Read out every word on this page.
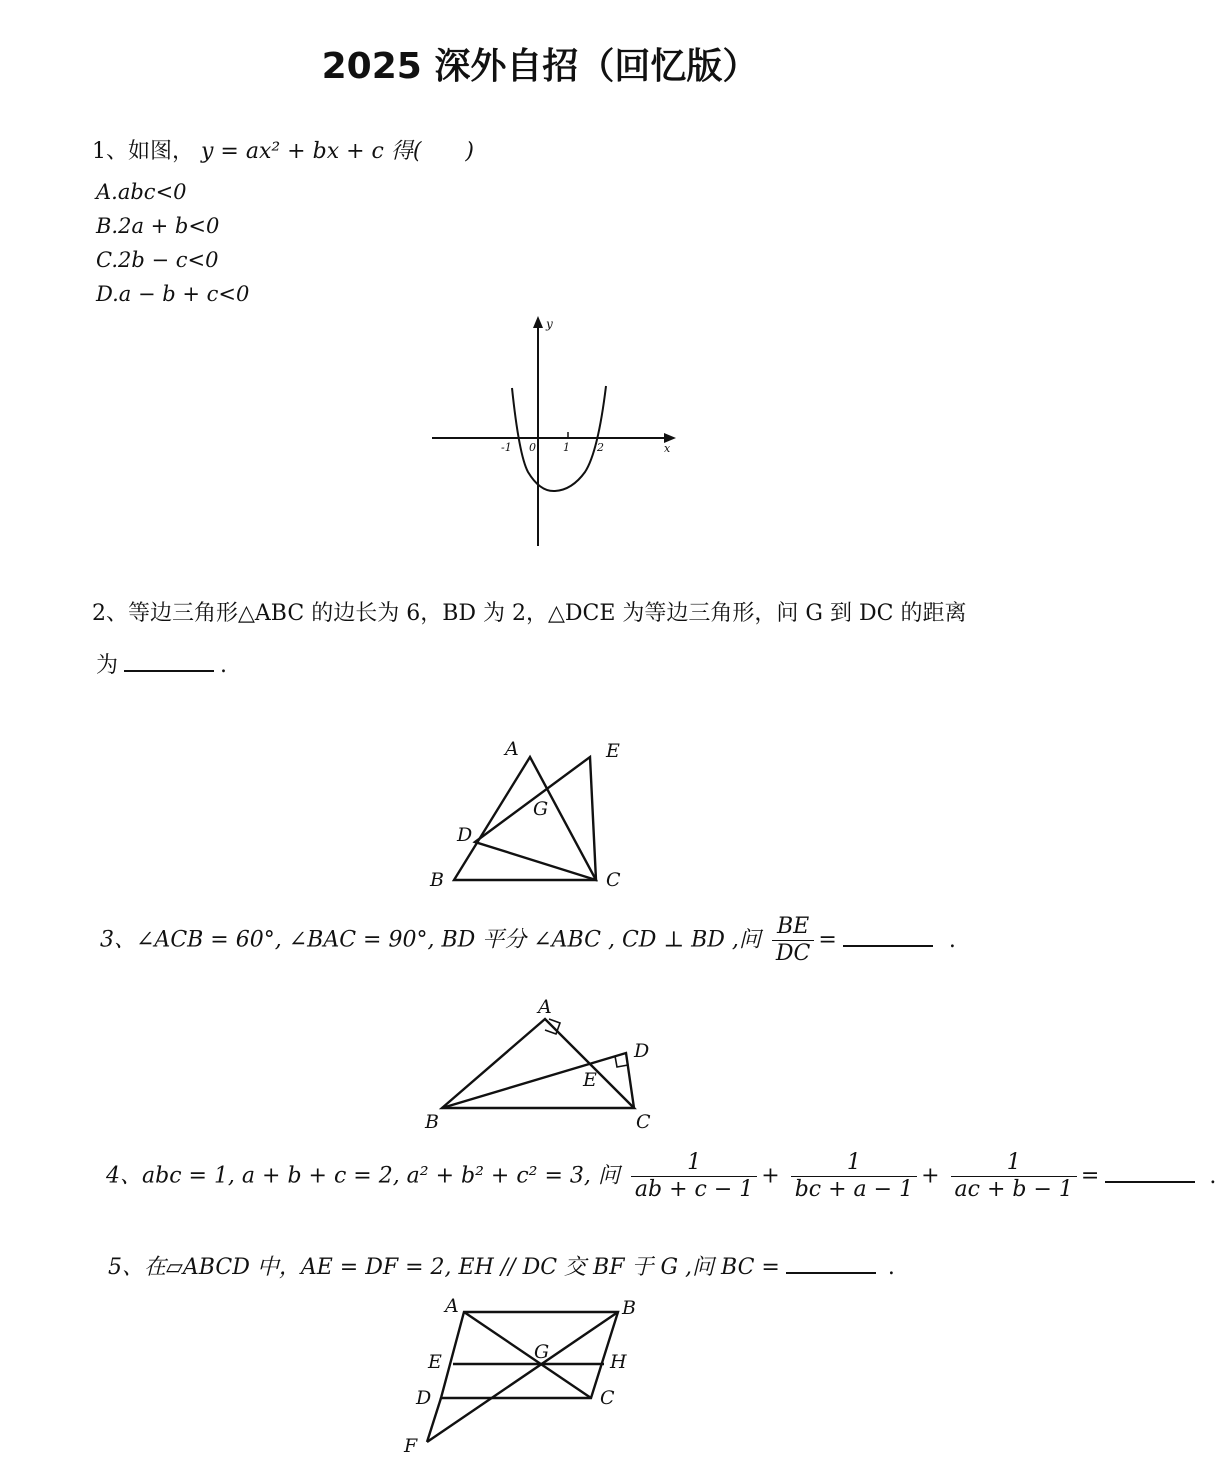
2025 深外自招（回忆版）
1、如图， y = ax² + bx + c 得(　　)
A.abc<0
B.2a + b<0
C.2b − c<0
D.a − b + c<0
y
x
-1 0 1 2
2、等边三角形△ABC 的边长为 6，BD 为 2，△DCE 为等边三角形，问 G 到 DC 的距离
为	.
A	E
G
D
B	C
3、∠ACB = 60°, ∠BAC = 90°, BD 平分 ∠ABC , CD ⊥ BD ,问 $\frac{BE}{DC}$ =	.
A
D
E
B	C
4、abc = 1, a + b + c = 2, a² + b² + c² = 3, 问 $\frac{1}{ab + c - 1} + \frac{1}{bc + a - 1} + \frac{1}{ac + b - 1}$ =	.
5、在▱ABCD 中，AE = DF = 2, EH // DC 交 BF 于 G ,问 BC =	.
A	B
G
E	H
D	C
F
